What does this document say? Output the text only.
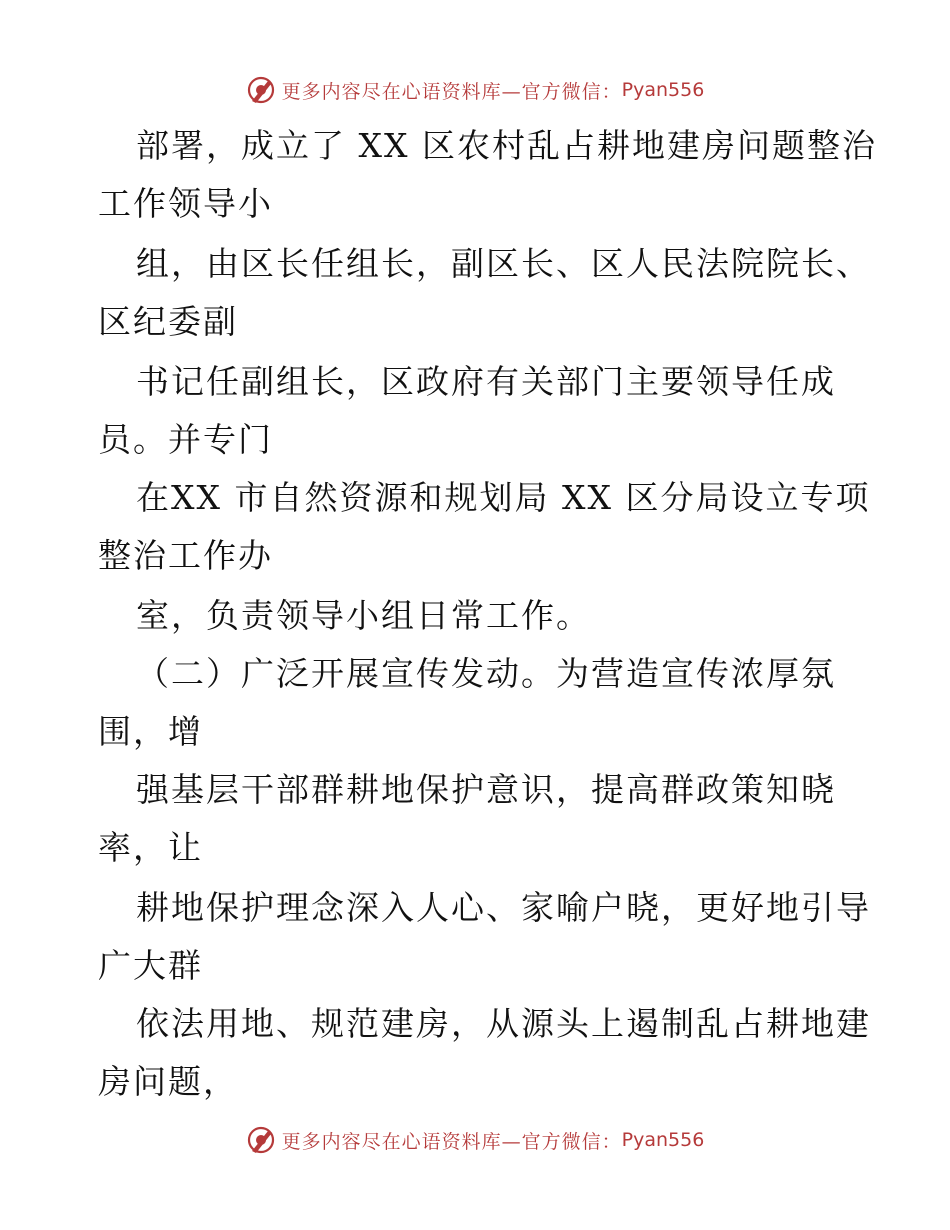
更多内容尽在心语资料库—官方微信： Pyan556
部署，成立了 XX 区农村乱占耕地建房问题整治
工作领导小
组，由区长任组长，副区长、区人民法院院长、
区纪委副
书记任副组长，区政府有关部门主要领导任成
员。并专门
在XX 市自然资源和规划局 XX 区分局设立专项
整治工作办
室，负责领导小组日常工作。
（二）广泛开展宣传发动。为营造宣传浓厚氛
围，增
强基层干部群耕地保护意识，提高群政策知晓
率，让
耕地保护理念深入人心、家喻户晓，更好地引导
广大群
依法用地、规范建房，从源头上遏制乱占耕地建
房问题，
更多内容尽在心语资料库—官方微信： Pyan556
